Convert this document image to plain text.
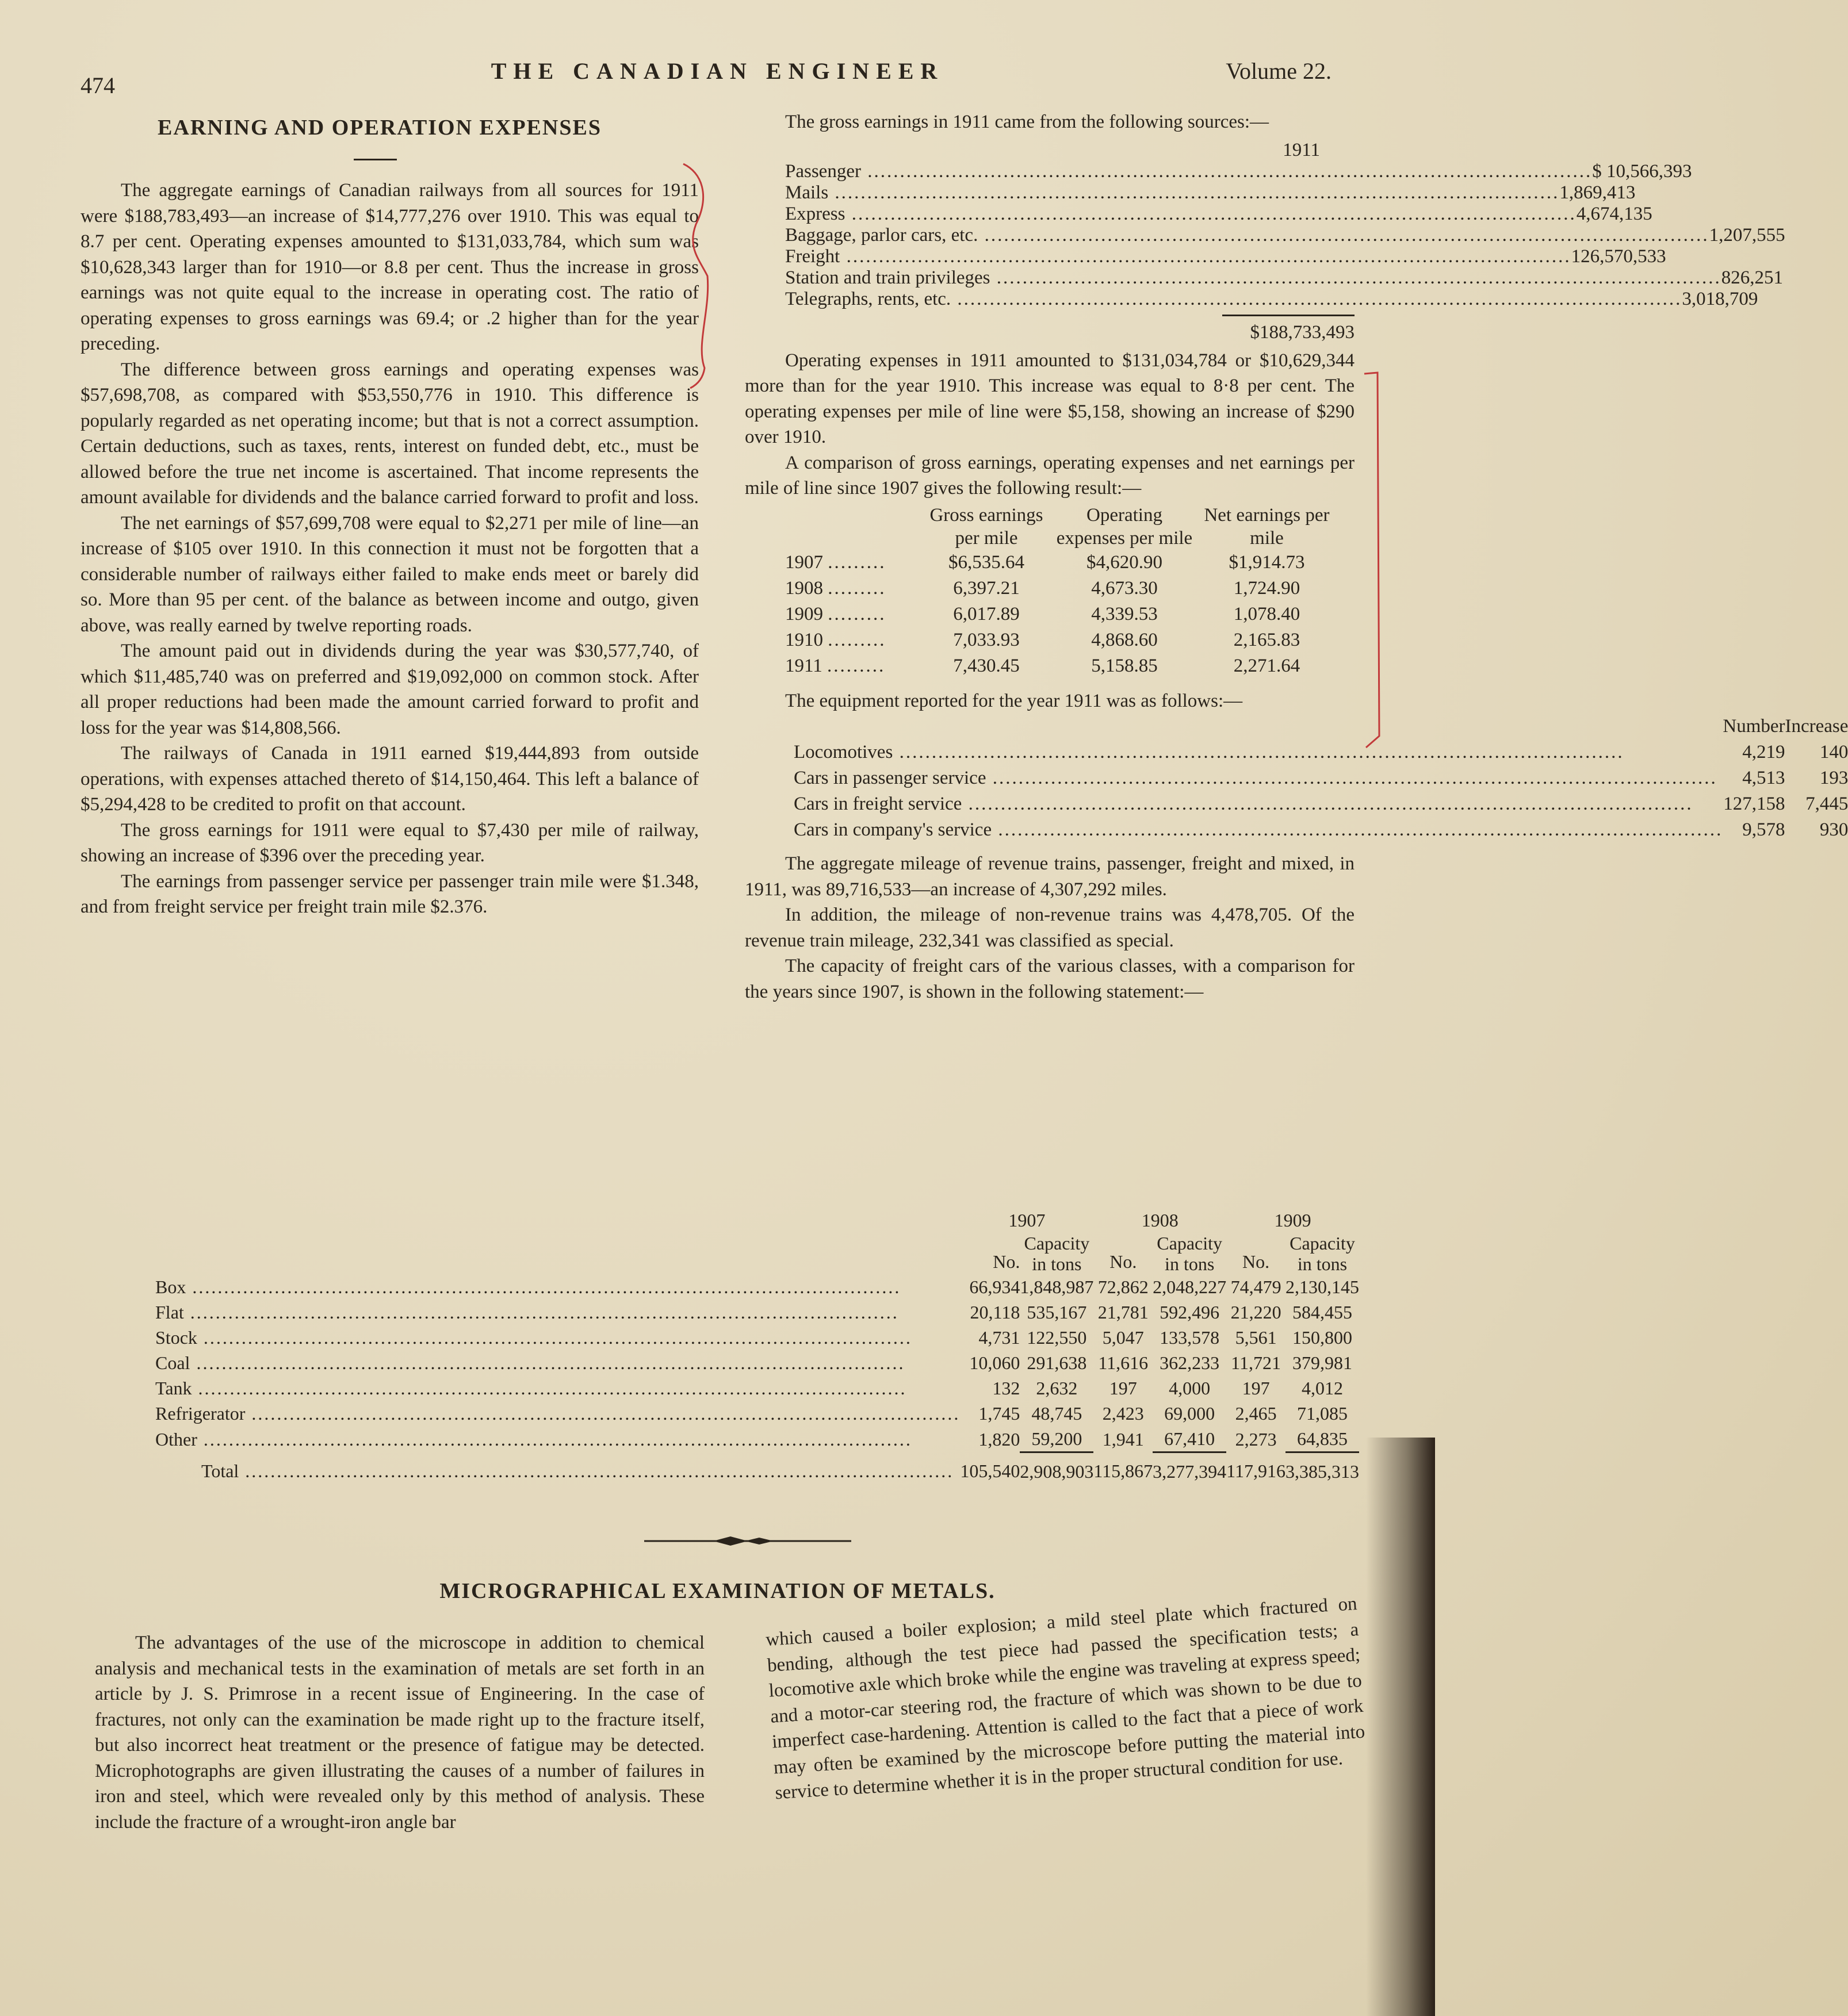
474
THE CANADIAN ENGINEER	Volume 22.
EARNING AND OPERATION EXPENSES

The aggregate earnings of Canadian railways from all sources for 1911 were $188,783,493—an increase of $14,777,276 over 1910. This was equal to 8.7 per cent. Operating expenses amounted to $131,033,784, which sum was $10,628,343 larger than for 1910—or 8.8 per cent. Thus the increase in gross earnings was not quite equal to the increase in operating cost. The ratio of operating expenses to gross earnings was 69.4; or .2 higher than for the year preceding.

The difference between gross earnings and operating expenses was $57,698,708, as compared with $53,550,776 in 1910. This difference is popularly regarded as net operating income; but that is not a correct assumption. Certain deductions, such as taxes, rents, interest on funded debt, etc., must be allowed before the true net income is ascertained. That income represents the amount available for dividends and the balance carried forward to profit and loss.

The net earnings of $57,699,708 were equal to $2,271 per mile of line—an increase of $105 over 1910. In this connection it must not be forgotten that a considerable number of railways either failed to make ends meet or barely did so. More than 95 per cent. of the balance as between income and outgo, given above, was really earned by twelve reporting roads.

The amount paid out in dividends during the year was $30,577,740, of which $11,485,740 was on preferred and $19,092,000 on common stock. After all proper reductions had been made the amount carried forward to profit and loss for the year was $14,808,566.

The railways of Canada in 1911 earned $19,444,893 from outside operations, with expenses attached thereto of $14,150,464. This left a balance of $5,294,428 to be credited to profit on that account.

The gross earnings for 1911 were equal to $7,430 per mile of railway, showing an increase of $396 over the preceding year.

The earnings from passenger service per passenger train mile were $1.348, and from freight service per freight train mile $2.376.

The gross earnings in 1911 came from the following sources:—

1911
Passenger .....	$ 10,566,393
Mails .....	1,869,413
Express .....	4,674,135
Baggage, parlor cars, etc. .....	1,207,555
Freight .....	126,570,533
Station and train privileges .....	826,251
Telegraphs, rents, etc. .....	3,018,709
$188,733,493

Operating expenses in 1911 amounted to $131,034,784 or $10,629,344 more than for the year 1910. This increase was equal to 8·8 per cent. The operating expenses per mile of line were $5,158, showing an increase of $290 over 1910.

A comparison of gross earnings, operating expenses and net earnings per mile of line since 1907 gives the following result:—

	Gross earnings per mile	Operating expenses per mile	Net earnings per mile
1907 .........	$6,535.64	$4,620.90	$1,914.73
1908 .........	6,397.21	4,673.30	1,724.90
1909 .........	6,017.89	4,339.53	1,078.40
1910 .........	7,033.93	4,868.60	2,165.83
1911 .........	7,430.45	5,158.85	2,271.64

The equipment reported for the year 1911 was as follows:—

	Number	Increase

Locomotives .....	4,219	140

Cars in passenger service .....	4,513	193

Cars in freight service .....	127,158	7,445

Cars in company's service .....	9,578	930

The aggregate mileage of revenue trains, passenger, freight and mixed, in 1911, was 89,716,533—an increase of 4,307,292 miles.

In addition, the mileage of non-revenue trains was 4,478,705. Of the revenue train mileage, 232,341 was classified as special.

The capacity of freight cars of the various classes, with a comparison for the years since 1907, is shown in the following statement:—

	1907		1908		1909	
	No.	Capacity in tons	No.	Capacity in tons	No.	Capacity in tons

Box .....	66,934	1,848,987	72,862	2,048,227	74,479	2,130,145

Flat .....	20,118	535,167	21,781	592,496	21,220	584,455

Stock .....	4,731	122,550	5,047	133,578	5,561	150,800

Coal .....	10,060	291,638	11,616	362,233	11,721	379,981

Tank .....	132	2,632	197	4,000	197	4,012

Refrigerator .....	1,745	48,745	2,423	69,000	2,465	71,085

Other .....	1,820	59,200	1,941	67,410	2,273	64,835

Total .....	105,540	2,908,903	115,867	3,277,394	117,916	3,385,313
MICROGRAPHICAL EXAMINATION OF METALS.

The advantages of the use of the microscope in addition to chemical analysis and mechanical tests in the examination of metals are set forth in an article by J. S. Primrose in a recent issue of Engineering. In the case of fractures, not only can the examination be made right up to the fracture itself, but also incorrect heat treatment or the presence of fatigue may be detected. Microphotographs are given illustrating the causes of a number of failures in iron and steel, which were revealed only by this method of analysis. These include the fracture of a wrought-iron angle bar

which caused a boiler explosion; a mild steel plate which fractured on bending, although the test piece had passed the specification tests; a locomotive axle which broke while the engine was traveling at express speed; and a motor-car steering rod, the fracture of which was shown to be due to imperfect case-hardening. Attention is called to the fact that a piece of work may often be examined by the microscope before putting the material into service to determine whether it is in the proper structural condition for use.
